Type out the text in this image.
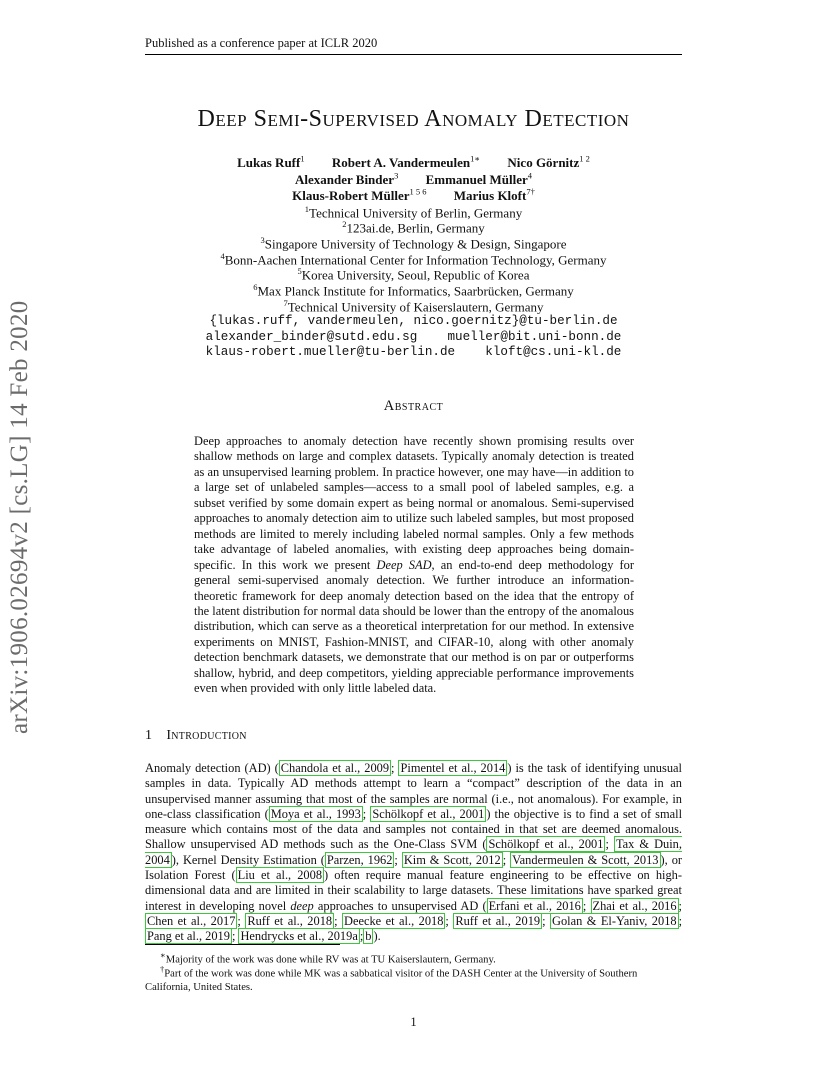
Published as a conference paper at ICLR 2020
arXiv:1906.02694v2 [cs.LG] 14 Feb 2020
Deep Semi-Supervised Anomaly Detection
Lukas Ruff$^1$ Robert A. Vandermeulen$^{1∗}$ Nico Görnitz$^{1 2}$
Alexander Binder$^3$ Emmanuel Müller$^4$
Klaus-Robert Müller$^{1 5 6}$ Marius Kloft$^{7\dagger}$
$^1$Technical University of Berlin, Germany
$^2$123ai.de, Berlin, Germany
$^3$Singapore University of Technology & Design, Singapore
$^4$Bonn-Aachen International Center for Information Technology, Germany
$^5$Korea University, Seoul, Republic of Korea
$^6$Max Planck Institute for Informatics, Saarbrücken, Germany
$^7$Technical University of Kaiserslautern, Germany
{lukas.ruff, vandermeulen, nico.goernitz}@tu-berlin.de
alexander_binder@sutd.edu.sg    mueller@bit.uni-bonn.de
klaus-robert.mueller@tu-berlin.de    kloft@cs.uni-kl.de
Abstract
Deep approaches to anomaly detection have recently shown promising results over shallow methods on large and complex datasets. Typically anomaly detection is treated as an unsupervised learning problem. In practice however, one may have—in addition to a large set of unlabeled samples—access to a small pool of labeled samples, e.g. a subset verified by some domain expert as being normal or anomalous. Semi-supervised approaches to anomaly detection aim to utilize such labeled samples, but most proposed methods are limited to merely including labeled normal samples. Only a few methods take advantage of labeled anomalies, with existing deep approaches being domain-specific. In this work we present Deep SAD, an end-to-end deep methodology for general semi-supervised anomaly detection. We further introduce an information-theoretic framework for deep anomaly detection based on the idea that the entropy of the latent distribution for normal data should be lower than the entropy of the anomalous distribution, which can serve as a theoretical interpretation for our method. In extensive experiments on MNIST, Fashion-MNIST, and CIFAR-10, along with other anomaly detection benchmark datasets, we demonstrate that our method is on par or outperforms shallow, hybrid, and deep competitors, yielding appreciable performance improvements even when provided with only little labeled data.
1 Introduction
Anomaly detection (AD) ( Chandola et al., 2009 ; Pimentel et al., 2014 ) is the task of identifying unusual samples in data. Typically AD methods attempt to learn a “compact” description of the data in an unsupervised manner assuming that most of the samples are normal (i.e., not anomalous). For example, in one-class classification ( Moya et al., 1993 ; Schölkopf et al., 2001 ) the objective is to find a set of small measure which contains most of the data and samples not contained in that set are deemed anomalous. Shallow unsupervised AD methods such as the One-Class SVM ( Schölkopf et al., 2001 ; Tax & Duin, 2004 ), Kernel Density Estimation ( Parzen, 1962 ; Kim & Scott, 2012 ; Vandermeulen & Scott, 2013 ), or Isolation Forest ( Liu et al., 2008 ) often require manual feature engineering to be effective on high-dimensional data and are limited in their scalability to large datasets. These limitations have sparked great interest in developing novel deep approaches to unsupervised AD ( Erfani et al., 2016 ; Zhai et al., 2016 ; Chen et al., 2017 ; Ruff et al., 2018 ; Deecke et al., 2018 ; Ruff et al., 2019 ; Golan & El-Yaniv, 2018 ; Pang et al., 2019 ; Hendrycks et al., 2019a ; b ).
∗Majority of the work was done while RV was at TU Kaiserslautern, Germany.
†Part of the work was done while MK was a sabbatical visitor of the DASH Center at the University of Southern California, United States.
1
